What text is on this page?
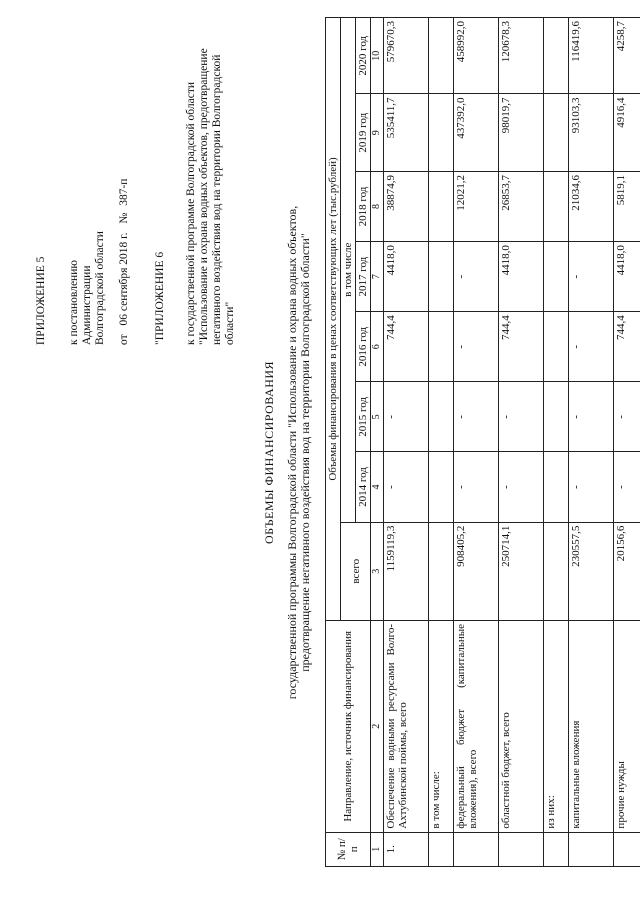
ПРИЛОЖЕНИЕ 5 к постановлению Администрации Волгоградской области от 06 сентября 2018 г. № 387-п
"ПРИЛОЖЕНИЕ 6 к государственной программе Волгоградской области "Использование и охрана водных объектов, предотвращение негативного воздействия вод на территории Волгоградской области"
ОБЪЕМЫ ФИНАНСИРОВАНИЯ государственной программы Волгоградской области "Использование и охрана водных объектов, предотвращение негативного воздействия вод на территории Волгоградской области"
№ п/п	Направление, источник финансирования	Объемы финансирования в ценах соответствующих лет (тыс.рублей)							
		всего	в том числе						
			2014 год	2015 год	2016 год	2017 год	2018 год	2019 год	2020 год
1	2	3	4	5	6	7	8	9	10
1.	Обеспечение водными ресурсами Волго-Ахтубинской поймы, всего	1159119,3	-	-	744,4	4418,0	38874,9	535411,7	579670,3
	в том числе:								
	федеральный бюджет (капитальные вложения), всего	908405,2	-	-	-	-	12021,2	437392,0	458992,0
	областной бюджет, всего	250714,1	-	-	744,4	4418,0	26853,7	98019,7	120678,3
	из них:								
	капитальные вложения	230557,5	-	-	-	-	21034,6	93103,3	116419,6
	прочие нужды	20156,6	-	-	744,4	4418,0	5819,1	4916,4	4258,7
